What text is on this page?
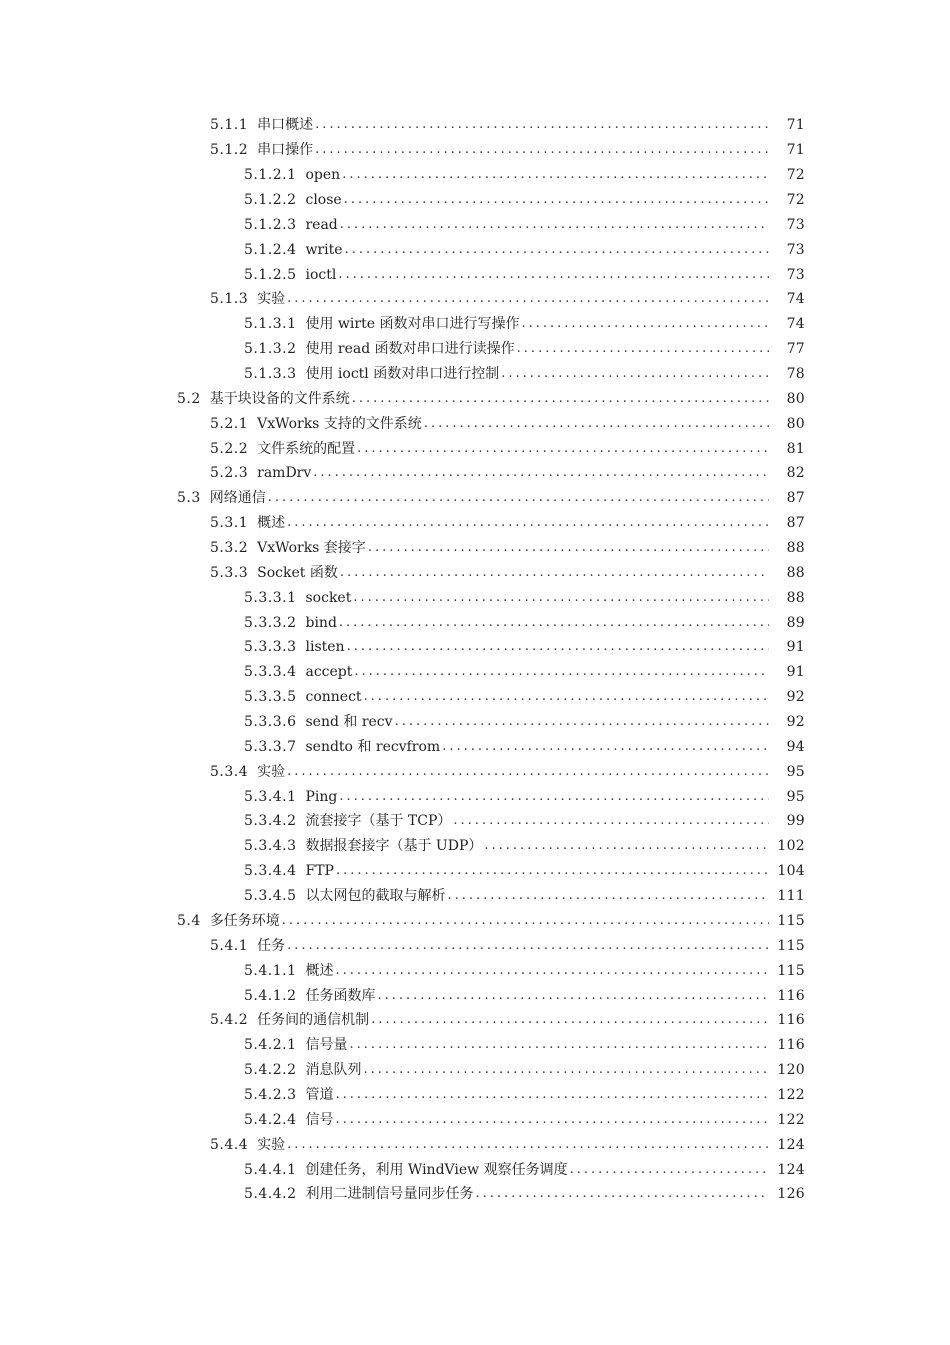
5.1.1 串口概述 .....	71
5.1.2 串口操作 .....	71
5.1.2.1 open .....	72
5.1.2.2 close .....	72
5.1.2.3 read .....	73
5.1.2.4 write .....	73
5.1.2.5 ioctl .....	73
5.1.3 实验 .....	74
5.1.3.1 使用 wirte 函数对串口进行写操作 .....	74
5.1.3.2 使用 read 函数对串口进行读操作 .....	77
5.1.3.3 使用 ioctl 函数对串口进行控制 .....	78
5.2 基于块设备的文件系统 .....	80
5.2.1 VxWorks 支持的文件系统 .....	80
5.2.2 文件系统的配置 .....	81
5.2.3 ramDrv .....	82
5.3 网络通信 .....	87
5.3.1 概述 .....	87
5.3.2 VxWorks 套接字 .....	88
5.3.3 Socket 函数 .....	88
5.3.3.1 socket .....	88
5.3.3.2 bind .....	89
5.3.3.3 listen .....	91
5.3.3.4 accept .....	91
5.3.3.5 connect .....	92
5.3.3.6 send 和 recv .....	92
5.3.3.7 sendto 和 recvfrom .....	94
5.3.4 实验 .....	95
5.3.4.1 Ping .....	95
5.3.4.2 流套接字（基于 TCP） .....	99
5.3.4.3 数据报套接字（基于 UDP） .....	102
5.3.4.4 FTP .....	104
5.3.4.5 以太网包的截取与解析 .....	111
5.4 多任务环境 .....	115
5.4.1 任务 .....	115
5.4.1.1 概述 .....	115
5.4.1.2 任务函数库 .....	116
5.4.2 任务间的通信机制 .....	116
5.4.2.1 信号量 .....	116
5.4.2.2 消息队列 .....	120
5.4.2.3 管道 .....	122
5.4.2.4 信号 .....	122
5.4.4 实验 .....	124
5.4.4.1 创建任务，利用 WindView 观察任务调度 .....	124
5.4.4.2 利用二进制信号量同步任务 .....	126
